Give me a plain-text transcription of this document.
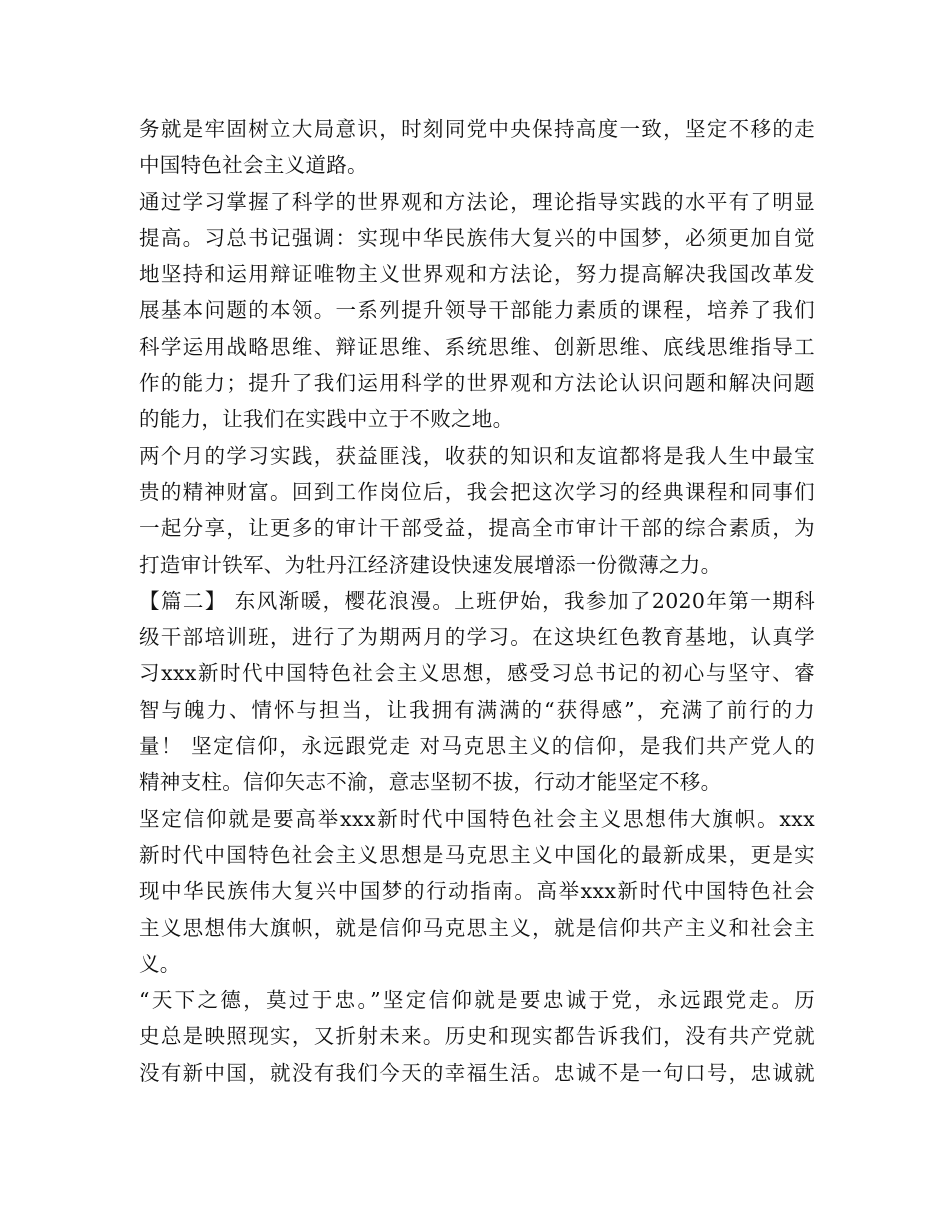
务就是牢固树立大局意识，时刻同党中央保持高度一致，坚定不移的走
中国特色社会主义道路。
通过学习掌握了科学的世界观和方法论，理论指导实践的水平有了明显
提高。习总书记强调：实现中华民族伟大复兴的中国梦，必须更加自觉
地坚持和运用辩证唯物主义世界观和方法论，努力提高解决我国改革发
展基本问题的本领。一系列提升领导干部能力素质的课程，培养了我们
科学运用战略思维、辩证思维、系统思维、创新思维、底线思维指导工
作的能力；提升了我们运用科学的世界观和方法论认识问题和解决问题
的能力，让我们在实践中立于不败之地。
两个月的学习实践，获益匪浅，收获的知识和友谊都将是我人生中最宝
贵的精神财富。回到工作岗位后，我会把这次学习的经典课程和同事们
一起分享，让更多的审计干部受益，提高全市审计干部的综合素质，为
打造审计铁军、为牡丹江经济建设快速发展增添一份微薄之力。
【篇二】 东风渐暖，樱花浪漫。上班伊始，我参加了2020年第一期科
级干部培训班，进行了为期两月的学习。在这块红色教育基地，认真学
习xxx新时代中国特色社会主义思想，感受习总书记的初心与坚守、睿
智与魄力、情怀与担当，让我拥有满满的“获得感”，充满了前行的力
量！ 坚定信仰，永远跟党走 对马克思主义的信仰，是我们共产党人的
精神支柱。信仰矢志不渝，意志坚韧不拔，行动才能坚定不移。
坚定信仰就是要高举xxx新时代中国特色社会主义思想伟大旗帜。xxx
新时代中国特色社会主义思想是马克思主义中国化的最新成果，更是实
现中华民族伟大复兴中国梦的行动指南。高举xxx新时代中国特色社会
主义思想伟大旗帜，就是信仰马克思主义，就是信仰共产主义和社会主
义。
“天下之德，莫过于忠。”坚定信仰就是要忠诚于党，永远跟党走。历
史总是映照现实，又折射未来。历史和现实都告诉我们，没有共产党就
没有新中国，就没有我们今天的幸福生活。忠诚不是一句口号，忠诚就
